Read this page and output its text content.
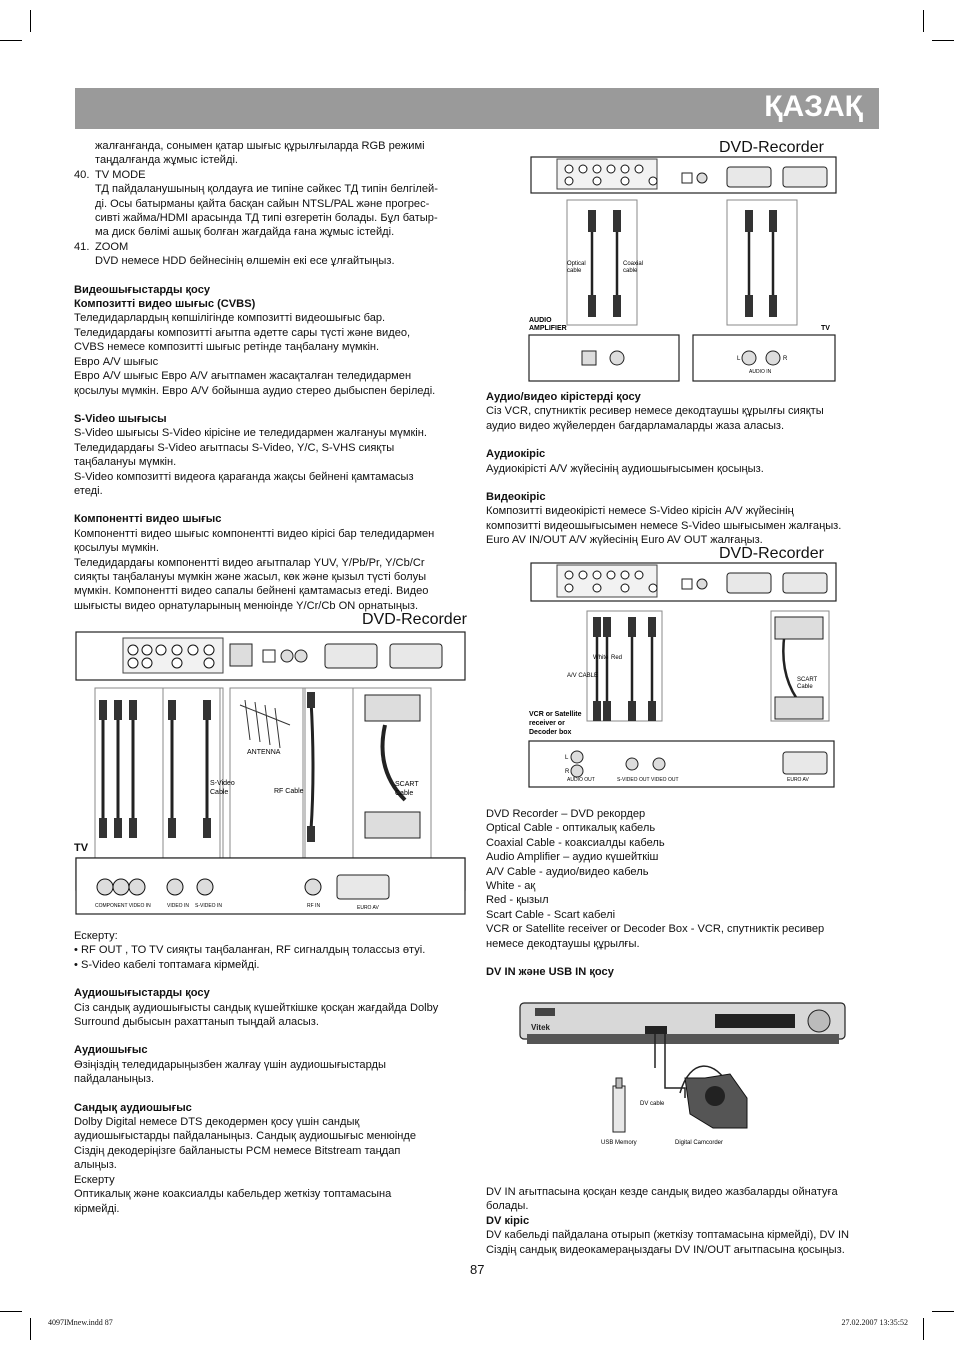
ҚАЗАҚ

жалғанғанда, сонымен қатар шығыс құрылғыларда RGB режимі

таңдалғанда жұмыс істейді.

40. TV MODE

ТД пайдаланушының қолдауға ие типіне сәйкес ТД типін белгілей-

ді. Осы батырманы қайта басқан сайын NTSL/PAL және прогрес-

сивті жайма/HDMI арасында ТД типі өзгеретін болады. Бұл батыр-

ма диск бөлімі ашық болған жағдайда ғана жұмыс істейді.

41. ZOOM

DVD немесе HDD бейнесінің өлшемін екі есе ұлғайтыңыз.

Видеошығыстарды қосу

Композитті видео шығыс (CVBS)

Теледидарлардың көпшілігінде композитті видеошығыс бар.

Теледидардағы композитті ағытпа әдетте сары түсті және видео,

CVBS немесе композитті шығыс ретінде таңбалану мүмкін.

Евро A/V шығыс

Евро A/V шығыс Евро A/V ағытпамен жасақталған теледидармен

қосылуы мүмкін. Евро A/V бойынша аудио стерео дыбыспен беріледі.

S-Video шығысы

S-Video шығысы S-Video кірісіне ие теледидармен жалғануы мүмкін.

Теледидардағы S-Video ағытпасы S-Video, Y/C, S-VHS сияқты

таңбалануы мүмкін.

S-Video композитті видеоға қарағанда жақсы бейнені қамтамасыз

етеді.

Компонентті видео шығыс

Компонентті видео шығыс компонентті видео кірісі бар теледидармен

қосылуы мүмкін.

Теледидардағы компонентті видео ағытпалар YUV, Y/Pb/Pr, Y/Cb/Cr

сияқты таңбалануы мүмкін және жасыл, көк және қызыл түсті болуы

мүмкін. Компонентті видео сапалы бейнені қамтамасыз етеді. Видео

шығысты видео орнатуларының менюінде Y/Cr/Cb ON орнатыңыз.

DVD-Recorder
ANTENNA
S-Video
Cable	RF Cable
SCART
Cable
TV
COMPONENT VIDEO IN	VIDEO IN S-VIDEO IN	RF IN	EURO AV

Ескерту:

• RF OUT , TO TV сияқты таңбаланған, RF сигналдың толассыз өтуі.

• S-Video кабелі топтамаға кірмейді.

Аудиошығыстарды қосу

Сіз сандық аудиошығысты сандық күшейткішке қосқан жағдайда Dolby

Surround дыбысын рахаттанып тыңдай аласыз.

Аудиошығыс

Өзіңіздің теледидарыңызбен жалғау үшін аудиошығыстарды

пайдаланыңыз.

Сандық аудиошығыс

Dolby Digital немесе DTS декодермен қосу үшін сандық

аудиошығыстарды пайдаланыңыз. Сандық аудиошығыс менюінде

Сіздің декодеріңізге байланысты PCM немесе Bitstream таңдап

алыңыз.

Ескерту

Оптикалық және коаксиалды кабельдер жеткізу топтамасына

кірмейді.

DVD-Recorder
Optical
cable
Coaxial
cable
AUDIO
AMPLIFIER	TV
L	R
AUDIO IN

Аудио/видео кірістерді қосу

Сіз VCR, спутниктік ресивер немесе декодтаушы құрылғы сияқты

аудио видео жүйелерден бағдарламаларды жаза аласыз.

Аудиокіріс

Аудиокірісті A/V жүйесінің аудиошығысымен қосыңыз.

Видеокіріс

Композитті видеокірісті немесе S-Video кірісін A/V жүйесінің

композитті видеошығысымен немесе S-Video шығысымен жалғаңыз.

Euro AV IN/OUT A/V жүйесінің Euro AV OUT жалғаңыз.

DVD-Recorder
White Red
A/V CABLE
SCART
Cable
VCR or Satellite
receiver or
Decoder box
L
R
AUDIO OUT	S-VIDEO OUT VIDEO OUT	EURO AV

DVD Recorder – DVD рекордер

Optical Cable - оптикалық кабель

Coaxial Cable - коаксиалды кабель

Audio Amplifier – аудио күшейткіш

A/V Cable - аудио/видео кабель

White - ақ

Red - қызыл

Scart Cable - Scart кабелі

VCR or Satellite receiver or Decoder Box - VCR, спутниктік ресивер

немесе декодтаушы құрылғы.

DV IN және USB IN қосу

Vitek
DV cable
USB Memory	Digital Camcorder

DV IN ағытпасына қосқан кезде сандық видео жазбаларды ойнатуға

болады.

DV кіріс

DV кабельді пайдалана отырып (жеткізу топтамасына кірмейді), DV IN

Сіздің сандық видеокамераңыздағы DV IN/OUT ағытпасына қосыңыз.

87
4097IMnew.indd 87	27.02.2007 13:35:52
